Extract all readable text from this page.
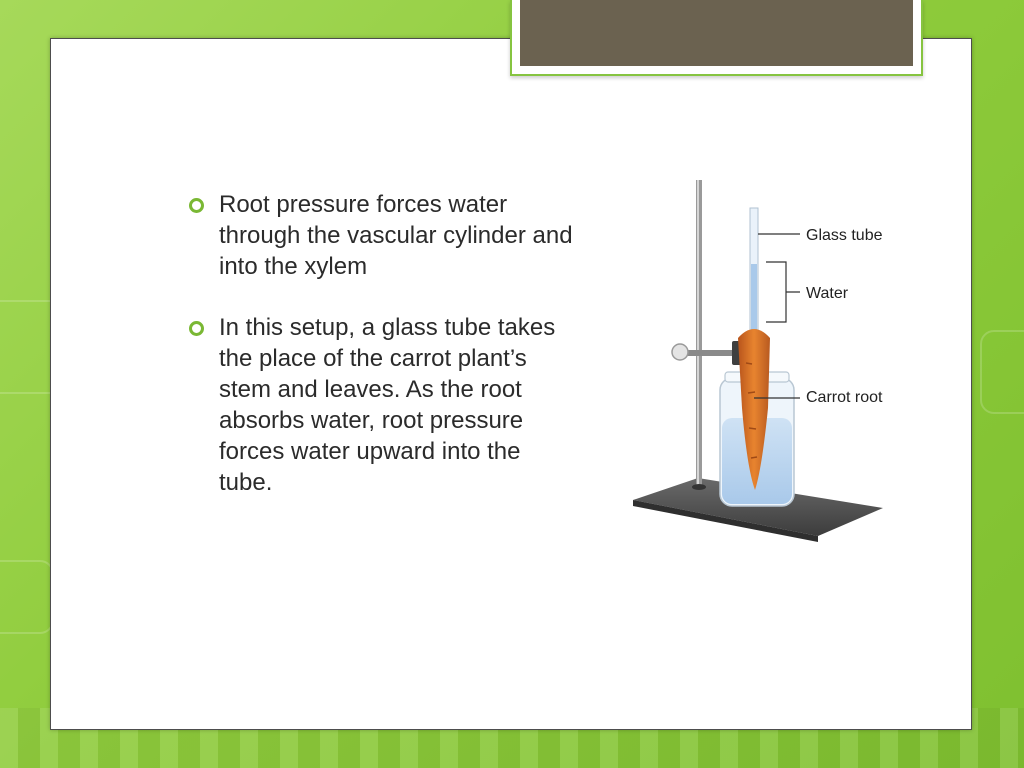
Root pressure forces water through the vascular cylinder and into the xylem
In this setup, a glass tube takes the place of the carrot plant’s stem and leaves. As the root absorbs water, root pressure forces water upward into the tube.
Glass tube
Water
Carrot root
